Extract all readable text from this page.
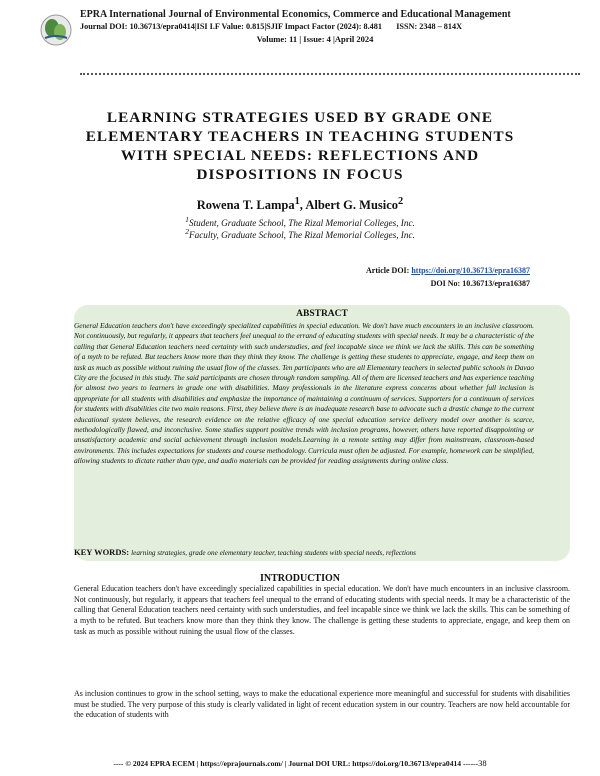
EPRA International Journal of Environmental Economics, Commerce and Educational Management
Journal DOI: 10.36713/epra0414|ISI I.F Value: 0.815|SJIF Impact Factor (2024): 8.481       ISSN: 2348 – 814X
Volume: 11 | Issue: 4 |April 2024
LEARNING STRATEGIES USED BY GRADE ONE ELEMENTARY TEACHERS IN TEACHING STUDENTS WITH SPECIAL NEEDS: REFLECTIONS AND DISPOSITIONS IN FOCUS
Rowena T. Lampa$^1$, Albert G. Musico$^2$
$^1$Student, Graduate School, The Rizal Memorial Colleges, Inc.
$^2$Faculty, Graduate School, The Rizal Memorial Colleges, Inc.
Article DOI: https://doi.org/10.36713/epra16387
DOI No: 10.36713/epra16387
ABSTRACT
General Education teachers don't have exceedingly specialized capabilities in special education. We don't have much encounters in an inclusive classroom. Not continuously, but regularly, it appears that teachers feel unequal to the errand of educating students with special needs. It may be a characteristic of the calling that General Education teachers need certainty with such understudies, and feel incapable since we think we lack the skills. This can be something of a myth to be refuted. But teachers know more than they think they know. The challenge is getting these students to appreciate, engage, and keep them on task as much as possible without ruining the usual flow of the classes. Ten participants who are all Elementary teachers in selected public schools in Davao City are the focused in this study. The said participants are chosen through random sampling. All of them are licensed teachers and has experience teaching for almost two years to learners in grade one with disabilities. Many professionals in the literature express concerns about whether full inclusion is appropriate for all students with disabilities and emphasize the importance of maintaining a continuum of services. Supporters for a continuum of services for students with disabilities cite two main reasons. First, they believe there is an inadequate research base to advocate such a drastic change to the current educational system believes, the research evidence on the relative efficacy of one special education service delivery model over another is scarce, methodologically flawed, and inconclusive. Some studies support positive trends with inclusion programs, however, others have reported disappointing or unsatisfactory academic and social achievement through inclusion models.Learning in a remote setting may differ from mainstream, classroom-based environments. This includes expectations for students and course methodology. Curricula must often be adjusted. For example, homework can be simplified, allowing students to dictate rather than type, and audio materials can be provided for reading assignments during online class.
KEY WORDS: learning strategies, grade one elementary teacher, teaching students with special needs, reflections
INTRODUCTION
General Education teachers don't have exceedingly specialized capabilities in special education. We don't have much encounters in an inclusive classroom. Not continuously, but regularly, it appears that teachers feel unequal to the errand of educating students with special needs. It may be a characteristic of the calling that General Education teachers need certainty with such understudies, and feel incapable since we think we lack the skills. This can be something of a myth to be refuted. But teachers know more than they think they know. The challenge is getting these students to appreciate, engage, and keep them on task as much as possible without ruining the usual flow of the classes.
As inclusion continues to grow in the school setting, ways to make the educational experience more meaningful and successful for students with disabilities must be studied. The very purpose of this study is clearly validated in light of recent education system in our country. Teachers are now held accountable for the education of students with
---- © 2024 EPRA ECEM | https://eprajournals.com/ | Journal DOI URL: https://doi.org/10.36713/epra0414 ------38
